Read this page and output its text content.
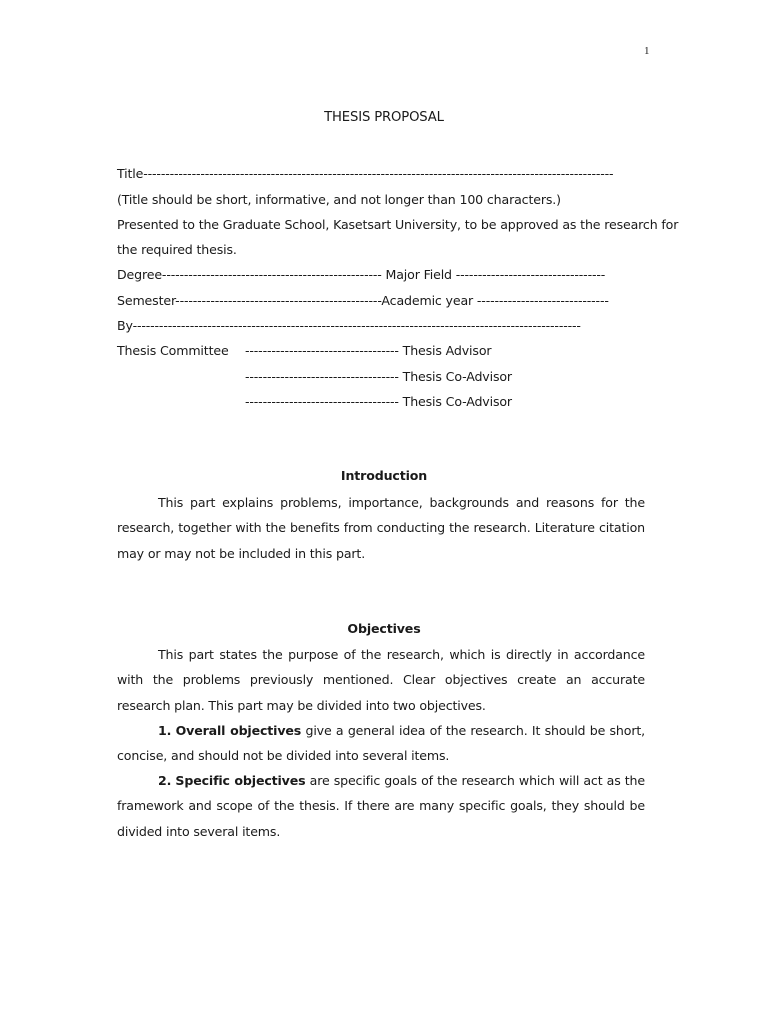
1
THESIS PROPOSAL
Title-----------------------------------------------------------------------------------------------------------
(Title should be short, informative, and not longer than 100 characters.)
Presented to the Graduate School, Kasetsart University, to be approved as the research for
the required thesis.
Degree-------------------------------------------------- Major Field ----------------------------------
Semester-----------------------------------------------Academic year ------------------------------
By------------------------------------------------------------------------------------------------------
Thesis Committee ----------------------------------- Thesis Advisor
----------------------------------- Thesis Co-Advisor
----------------------------------- Thesis Co-Advisor
Introduction
This part explains problems, importance, backgrounds and reasons for the research, together with the benefits from conducting the research. Literature citation may or may not be included in this part.
Objectives
This part states the purpose of the research, which is directly in accordance with the problems previously mentioned. Clear objectives create an accurate research plan. This part may be divided into two objectives.
1. Overall objectives give a general idea of the research. It should be short, concise, and should not be divided into several items.
2. Specific objectives are specific goals of the research which will act as the framework and scope of the thesis. If there are many specific goals, they should be divided into several items.
